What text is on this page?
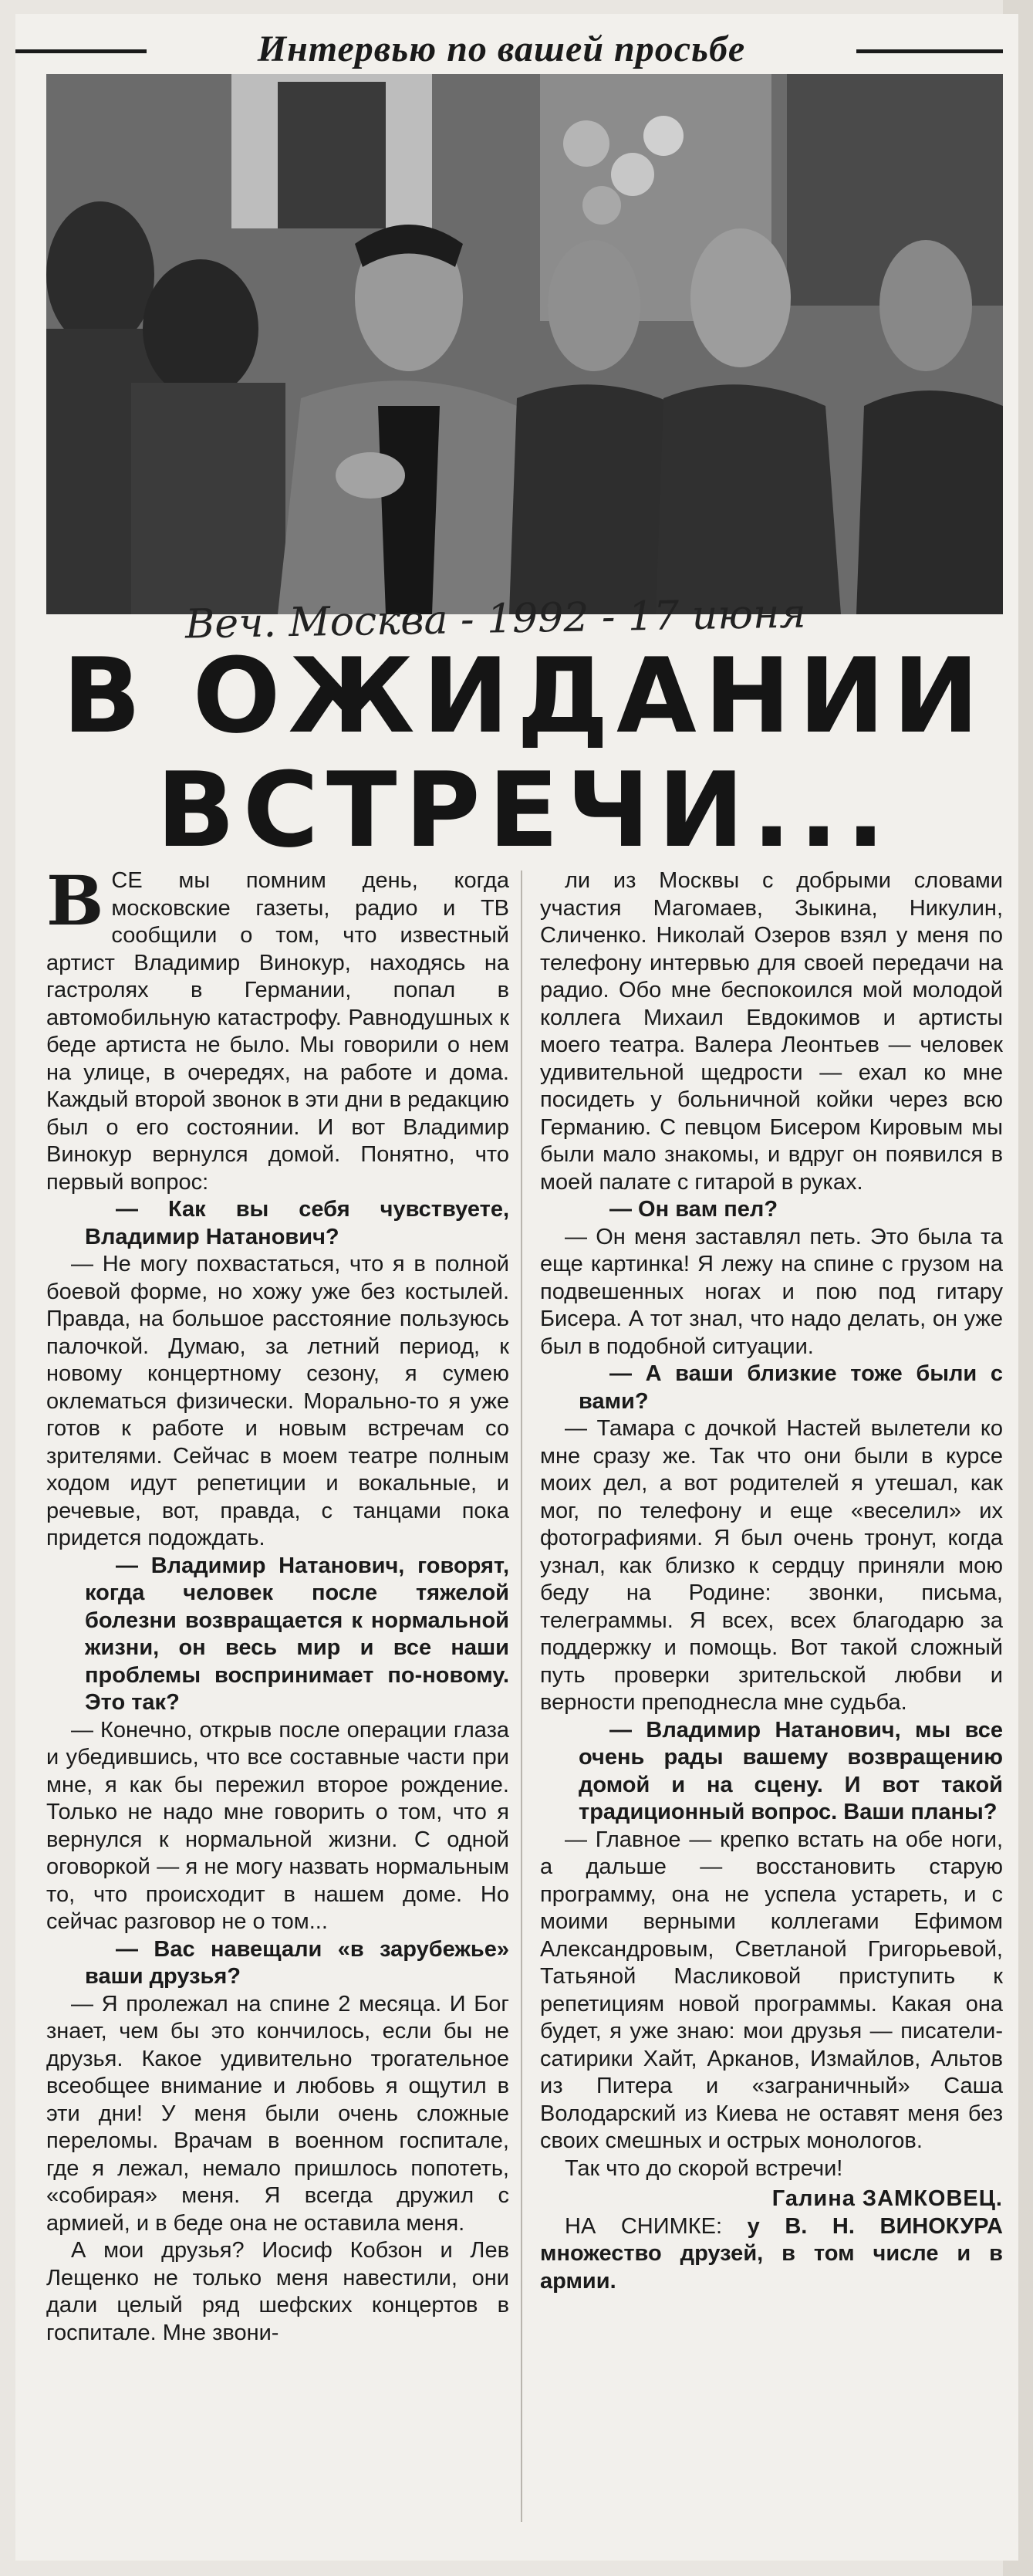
Интервью по вашей просьбе
Веч. Москва - 1992 - 17 июня
В ОЖИДАНИИ
ВСТРЕЧИ...

ВСЕ мы помним день, когда московские газеты, радио и ТВ сообщили о том, что известный артист Владимир Винокур, находясь на гастролях в Германии, попал в автомобильную катастрофу. Равнодушных к беде артиста не было. Мы говорили о нем на улице, в очередях, на работе и дома. Каждый второй звонок в эти дни в редакцию был о его состоянии. И вот Владимир Винокур вернулся домой. Понятно, что первый вопрос:

— Как вы себя чувствуете, Владимир Натанович?

— Не могу похвастаться, что я в полной боевой форме, но хожу уже без костылей. Правда, на большое расстояние пользуюсь палочкой. Думаю, за летний период, к новому концертному сезону, я сумею оклематься физически. Морально-то я уже готов к работе и новым встречам со зрителями. Сейчас в моем театре полным ходом идут репетиции и вокальные, и речевые, вот, правда, с танцами пока придется подождать.

— Владимир Натанович, говорят, когда человек после тяжелой болезни возвращается к нормальной жизни, он весь мир и все наши проблемы воспринимает по-новому. Это так?

— Конечно, открыв после операции глаза и убедившись, что все составные части при мне, я как бы пережил второе рождение. Только не надо мне говорить о том, что я вернулся к нормальной жизни. С одной оговоркой — я не могу назвать нормальным то, что происходит в нашем доме. Но сейчас разговор не о том...

— Вас навещали «в зарубежье» ваши друзья?

— Я пролежал на спине 2 месяца. И Бог знает, чем бы это кончилось, если бы не друзья. Какое удивительно трогательное всеобщее внимание и любовь я ощутил в эти дни! У меня были очень сложные переломы. Врачам в военном госпитале, где я лежал, немало пришлось попотеть, «собирая» меня. Я всегда дружил с армией, и в беде она не оставила меня.

А мои друзья? Иосиф Кобзон и Лев Лещенко не только меня навестили, они дали целый ряд шефских концертов в госпитале. Мне звони-

ли из Москвы с добрыми словами участия Магомаев, Зыкина, Никулин, Сличенко. Николай Озеров взял у меня по телефону интервью для своей передачи на радио. Обо мне беспокоился мой молодой коллега Михаил Евдокимов и артисты моего театра. Валера Леонтьев — человек удивительной щедрости — ехал ко мне посидеть у больничной койки через всю Германию. С певцом Бисером Кировым мы были мало знакомы, и вдруг он появился в моей палате с гитарой в руках.

— Он вам пел?

— Он меня заставлял петь. Это была та еще картинка! Я лежу на спине с грузом на подвешенных ногах и пою под гитару Бисера. А тот знал, что надо делать, он уже был в подобной ситуации.

— А ваши близкие тоже были с вами?

— Тамара с дочкой Настей вылетели ко мне сразу же. Так что они были в курсе моих дел, а вот родителей я утешал, как мог, по телефону и еще «веселил» их фотографиями. Я был очень тронут, когда узнал, как близко к сердцу приняли мою беду на Родине: звонки, письма, телеграммы. Я всех, всех благодарю за поддержку и помощь. Вот такой сложный путь проверки зрительской любви и верности преподнесла мне судьба.

— Владимир Натанович, мы все очень рады вашему возвращению домой и на сцену. И вот такой традиционный вопрос. Ваши планы?

— Главное — крепко встать на обе ноги, а дальше — восстановить старую программу, она не успела устареть, и с моими верными коллегами Ефимом Александровым, Светланой Григорьевой, Татьяной Масликовой приступить к репетициям новой программы. Какая она будет, я уже знаю: мои друзья — писатели-сатирики Хайт, Арканов, Измайлов, Альтов из Питера и «заграничный» Саша Володарский из Киева не оставят меня без своих смешных и острых монологов.

Так что до скорой встречи!

Галина ЗАМКОВЕЦ.

НА СНИМКЕ: у В. Н. ВИНОКУРА множество друзей, в том числе и в армии.
